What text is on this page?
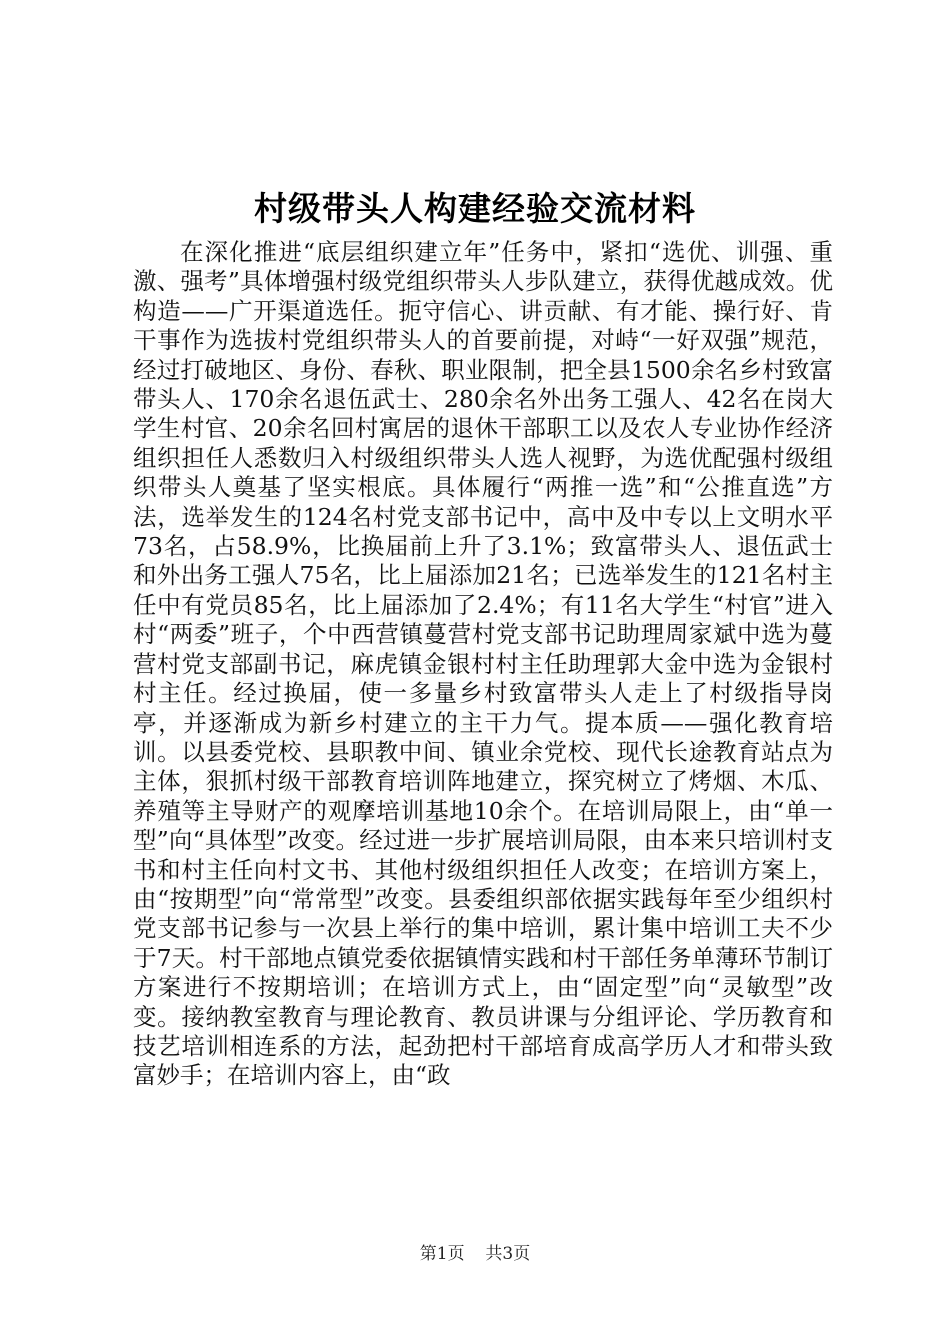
村级带头人构建经验交流材料

在深化推进“底层组织建立年”任务中，紧扣“选优、训强、重激、强考”具体增强村级党组织带头人步队建立，获得优越成效。优构造——广开渠道选任。扼守信心、讲贡献、有才能、操行好、肯干事作为选拔村党组织带头人的首要前提，对峙“一好双强”规范，经过打破地区、身份、春秋、职业限制，把全县1500余名乡村致富带头人、170余名退伍武士、280余名外出务工强人、42名在岗大学生村官、20余名回村寓居的退休干部职工以及农人专业协作经济组织担任人悉数归入村级组织带头人选人视野，为选优配强村级组织带头人奠基了坚实根底。具体履行“两推一选”和“公推直选”方法，选举发生的124名村党支部书记中，高中及中专以上文明水平73名，占58.9%，比换届前上升了3.1%；致富带头人、退伍武士和外出务工强人75名，比上届添加21名；已选举发生的121名村主任中有党员85名，比上届添加了2.4%；有11名大学生“村官”进入村“两委”班子，个中西营镇蔓营村党支部书记助理周家斌中选为蔓营村党支部副书记，麻虎镇金银村村主任助理郭大金中选为金银村村主任。经过换届，使一多量乡村致富带头人走上了村级指导岗亭，并逐渐成为新乡村建立的主干力气。提本质——强化教育培训。以县委党校、县职教中间、镇业余党校、现代长途教育站点为主体，狠抓村级干部教育培训阵地建立，探究树立了烤烟、木瓜、养殖等主导财产的观摩培训基地10余个。在培训局限上，由“单一型”向“具体型”改变。经过进一步扩展培训局限，由本来只培训村支书和村主任向村文书、其他村级组织担任人改变；在培训方案上，由“按期型”向“常常型”改变。县委组织部依据实践每年至少组织村党支部书记参与一次县上举行的集中培训，累计集中培训工夫不少于7天。村干部地点镇党委依据镇情实践和村干部任务单薄环节制订方案进行不按期培训；在培训方式上，由“固定型”向“灵敏型”改变。接纳教室教育与理论教育、教员讲课与分组评论、学历教育和技艺培训相连系的方法，起劲把村干部培育成高学历人才和带头致富妙手；在培训内容上，由“政

第1页 共3页
